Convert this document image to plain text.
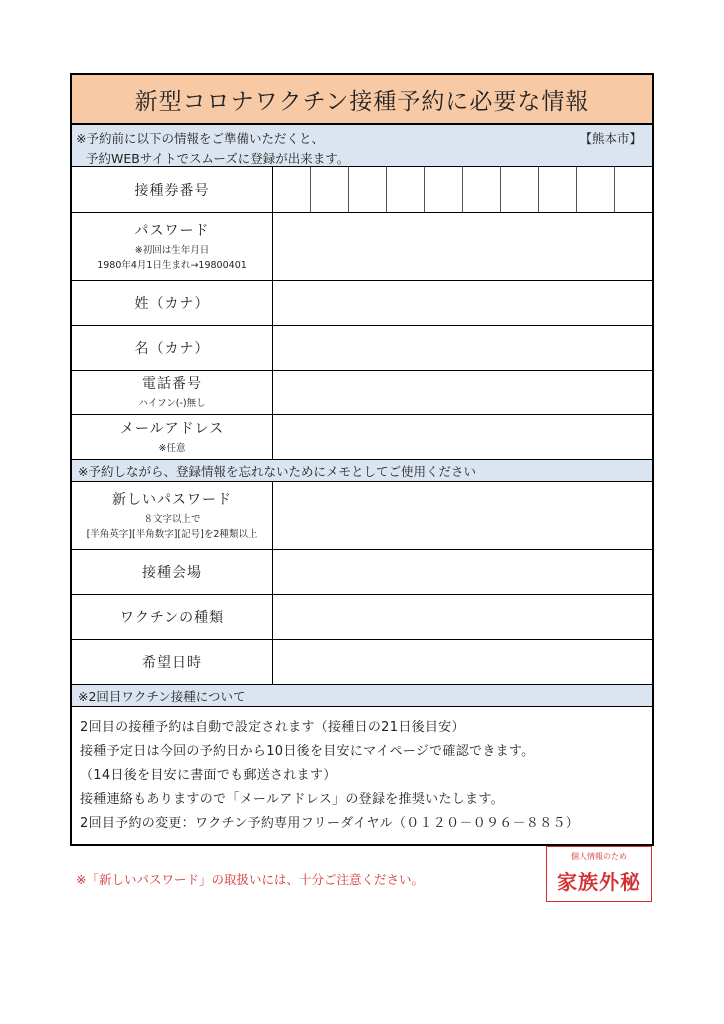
新型コロナワクチン接種予約に必要な情報
※予約前に以下の情報をご準備いただくと、
予約WEBサイトでスムーズに登録が出来ます。
【熊本市】
接種券番号
パスワード
※初回は生年月日
1980年4月1日生まれ→19800401
姓（カナ）
名（カナ）
電話番号
ハイフン(-)無し
メールアドレス
※任意
※予約しながら、登録情報を忘れないためにメモとしてご使用ください
新しいパスワード
８文字以上で
[半角英字][半角数字][記号]を2種類以上
接種会場
ワクチンの種類
希望日時
※2回目ワクチン接種について
2回目の接種予約は自動で設定されます（接種日の21日後目安）
接種予定日は今回の予約日から10日後を目安にマイページで確認できます。
（14日後を目安に書面でも郵送されます）
接種連絡もありますので「メールアドレス」の登録を推奨いたします。
2回目予約の変更：ワクチン予約専用フリーダイヤル（０１２０－０９６－８８５）
※「新しいパスワード」の取扱いには、十分ご注意ください。
個人情報のため
家族外秘
